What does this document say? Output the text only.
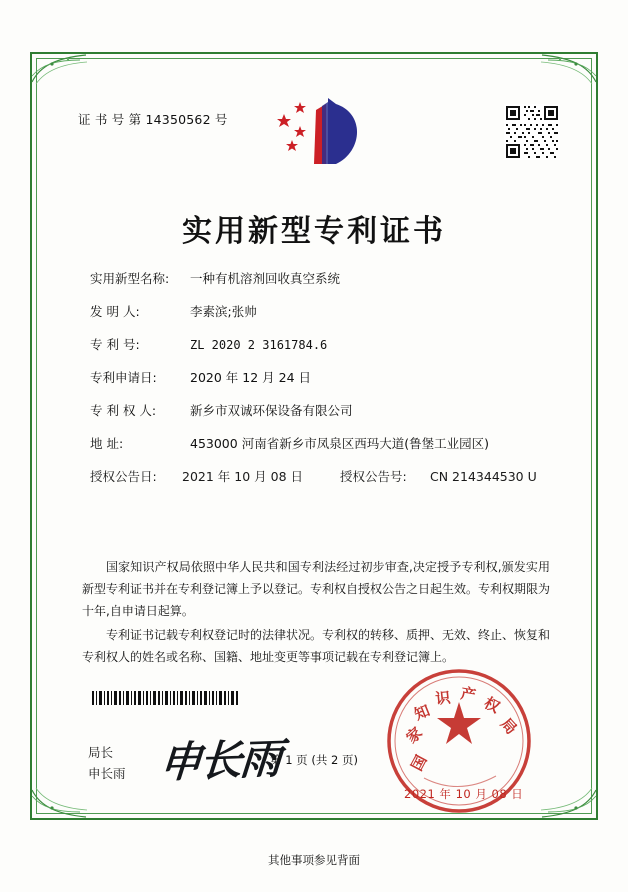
证 书 号 第 14350562 号
实用新型专利证书
实用新型名称:	一种有机溶剂回收真空系统
发 明 人:	李素滨;张帅
专 利 号:	ZL 2020 2 3161784.6
专利申请日:	2020 年 12 月 24 日
专 利 权 人:	新乡市双诚环保设备有限公司
地 址:	453000 河南省新乡市凤泉区西玛大道(鲁堡工业园区)
授权公告日: 2021 年 10 月 08 日	授权公告号: CN 214344530 U

国家知识产权局依照中华人民共和国专利法经过初步审查,决定授予专利权,颁发实用新型专利证书并在专利登记簿上予以登记。专利权自授权公告之日起生效。专利权期限为十年,自申请日起算。

专利证书记载专利权登记时的法律状况。专利权的转移、质押、无效、终止、恢复和专利权人的姓名或名称、国籍、地址变更等事项记载在专利登记簿上。

局长
申长雨 申长雨	国
家
知
识 产 权
局
2021 年 10 月 08 日
第 1 页 (共 2 页)
其他事项参见背面
